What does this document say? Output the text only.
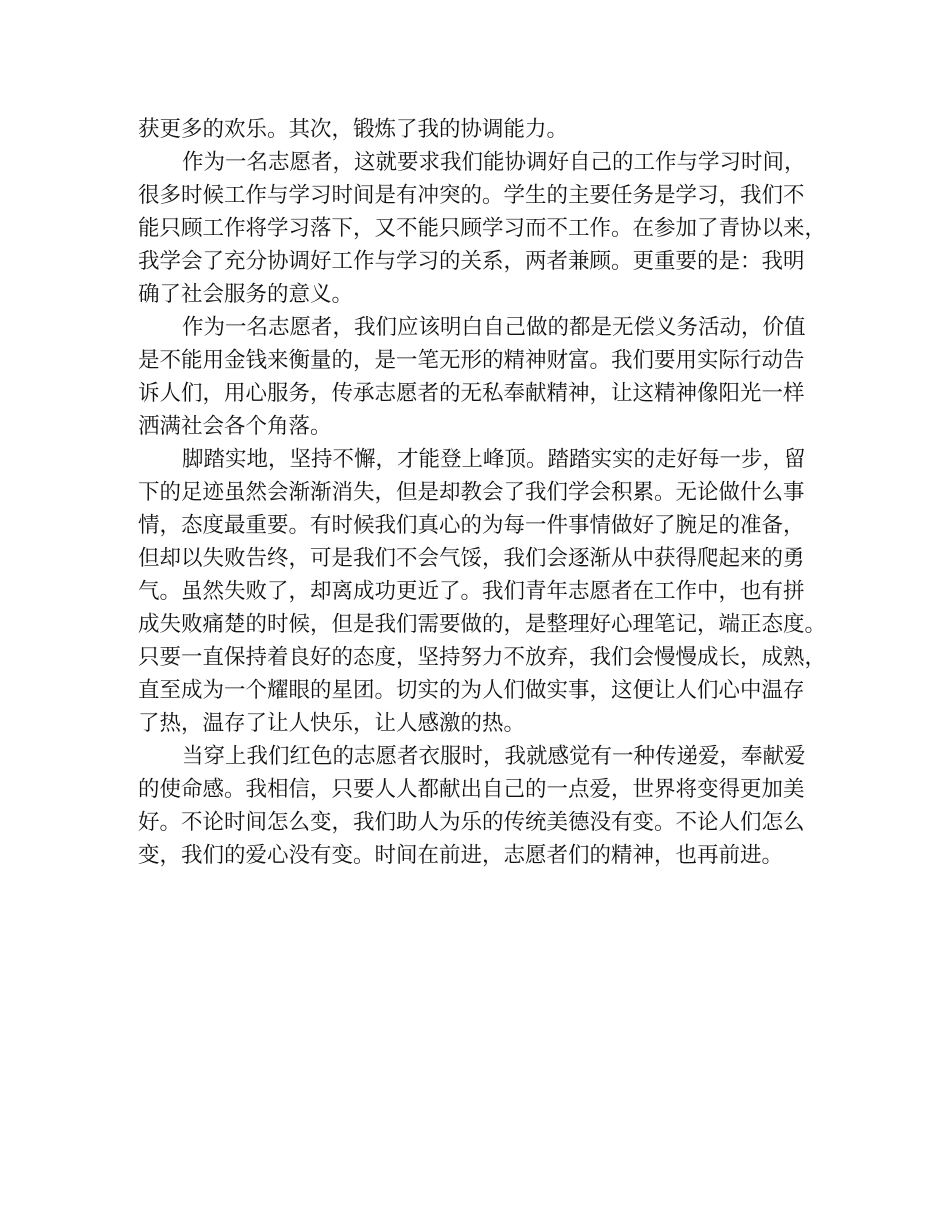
获更多的欢乐。其次，锻炼了我的协调能力。
作为一名志愿者，这就要求我们能协调好自己的工作与学习时间，
很多时候工作与学习时间是有冲突的。学生的主要任务是学习，我们不
能只顾工作将学习落下，又不能只顾学习而不工作。在参加了青协以来，
我学会了充分协调好工作与学习的关系，两者兼顾。更重要的是：我明
确了社会服务的意义。
作为一名志愿者，我们应该明白自己做的都是无偿义务活动，价值
是不能用金钱来衡量的，是一笔无形的精神财富。我们要用实际行动告
诉人们，用心服务，传承志愿者的无私奉献精神，让这精神像阳光一样
洒满社会各个角落。
脚踏实地，坚持不懈，才能登上峰顶。踏踏实实的走好每一步，留
下的足迹虽然会渐渐消失，但是却教会了我们学会积累。无论做什么事
情，态度最重要。有时候我们真心的为每一件事情做好了腕足的准备，
但却以失败告终，可是我们不会气馁，我们会逐渐从中获得爬起来的勇
气。虽然失败了，却离成功更近了。我们青年志愿者在工作中，也有拼
成失败痛楚的时候，但是我们需要做的，是整理好心理笔记，端正态度。
只要一直保持着良好的态度，坚持努力不放弃，我们会慢慢成长，成熟，
直至成为一个耀眼的星团。切实的为人们做实事，这便让人们心中温存
了热，温存了让人快乐，让人感激的热。
当穿上我们红色的志愿者衣服时，我就感觉有一种传递爱，奉献爱
的使命感。我相信，只要人人都献出自己的一点爱，世界将变得更加美
好。不论时间怎么变，我们助人为乐的传统美德没有变。不论人们怎么
变，我们的爱心没有变。时间在前进，志愿者们的精神，也再前进。
